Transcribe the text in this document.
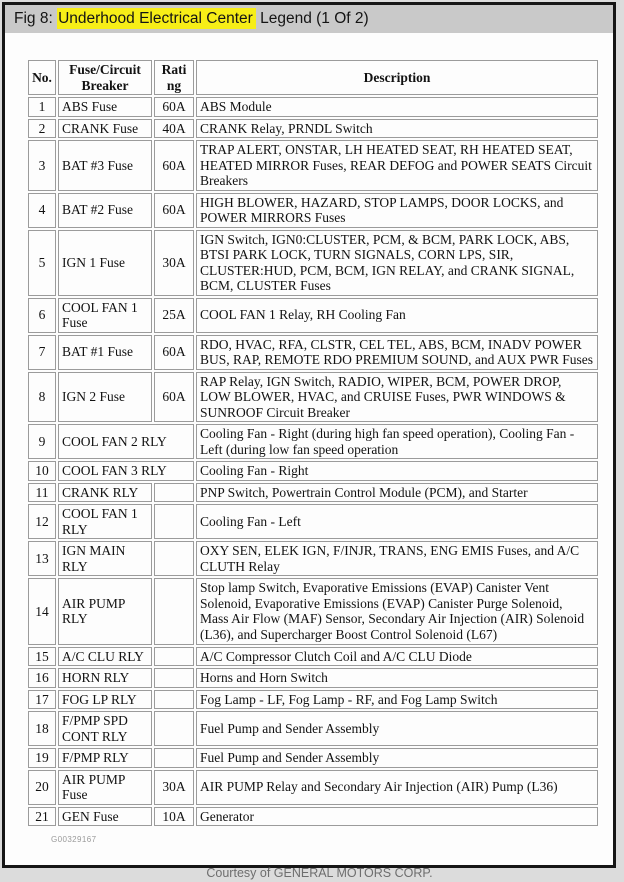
Fig 8: Underhood Electrical Center Legend (1 Of 2)
No.	Fuse/Circuit Breaker	Rating	Description
1	ABS Fuse	60A	ABS Module
2	CRANK Fuse	40A	CRANK Relay, PRNDL Switch
3	BAT #3 Fuse	60A	TRAP ALERT, ONSTAR, LH HEATED SEAT, RH HEATED SEAT, HEATED MIRROR Fuses, REAR DEFOG and POWER SEATS Circuit Breakers
4	BAT #2 Fuse	60A	HIGH BLOWER, HAZARD, STOP LAMPS, DOOR LOCKS, and POWER MIRRORS Fuses
5	IGN 1 Fuse	30A	IGN Switch, IGN0:CLUSTER, PCM, & BCM, PARK LOCK, ABS, BTSI PARK LOCK, TURN SIGNALS, CORN LPS, SIR, CLUSTER:HUD, PCM, BCM, IGN RELAY, and CRANK SIGNAL, BCM, CLUSTER Fuses
6	COOL FAN 1 Fuse	25A	COOL FAN 1 Relay, RH Cooling Fan
7	BAT #1 Fuse	60A	RDO, HVAC, RFA, CLSTR, CEL TEL, ABS, BCM, INADV POWER BUS, RAP, REMOTE RDO PREMIUM SOUND, and AUX PWR Fuses
8	IGN 2 Fuse	60A	RAP Relay, IGN Switch, RADIO, WIPER, BCM, POWER DROP, LOW BLOWER, HVAC, and CRUISE Fuses, PWR WINDOWS & SUNROOF Circuit Breaker
9	COOL FAN 2 RLY		Cooling Fan - Right (during high fan speed operation), Cooling Fan - Left (during low fan speed operation
10	COOL FAN 3 RLY		Cooling Fan - Right
11	CRANK RLY		PNP Switch, Powertrain Control Module (PCM), and Starter
12	COOL FAN 1 RLY		Cooling Fan - Left
13	IGN MAIN RLY		OXY SEN, ELEK IGN, F/INJR, TRANS, ENG EMIS Fuses, and A/C CLUTH Relay
14	AIR PUMP RLY		Stop lamp Switch, Evaporative Emissions (EVAP) Canister Vent Solenoid, Evaporative Emissions (EVAP) Canister Purge Solenoid, Mass Air Flow (MAF) Sensor, Secondary Air Injection (AIR) Solenoid (L36), and Supercharger Boost Control Solenoid (L67)
15	A/C CLU RLY		A/C Compressor Clutch Coil and A/C CLU Diode
16	HORN RLY		Horns and Horn Switch
17	FOG LP RLY		Fog Lamp - LF, Fog Lamp - RF, and Fog Lamp Switch
18	F/PMP SPD CONT RLY		Fuel Pump and Sender Assembly
19	F/PMP RLY		Fuel Pump and Sender Assembly
20	AIR PUMP Fuse	30A	AIR PUMP Relay and Secondary Air Injection (AIR) Pump (L36)
21	GEN Fuse	10A	Generator
G00329167
Courtesy of GENERAL MOTORS CORP.
